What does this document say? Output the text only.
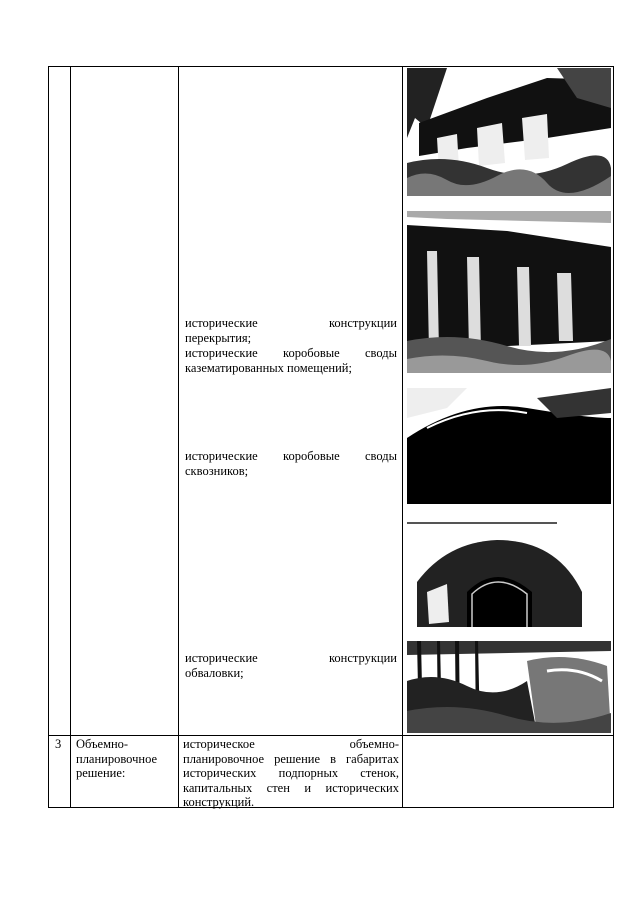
исторические конструкции
перекрытия;
исторические коробовые своды
казематированных помещений;
исторические коробовые своды
сквозников;
исторические конструкции
обваловки;
3	Объемно-
планировочное
решение:
историческое объемно-
планировочное решение в габаритах
исторических подпорных стенок,
капитальных стен и исторических
конструкций.
